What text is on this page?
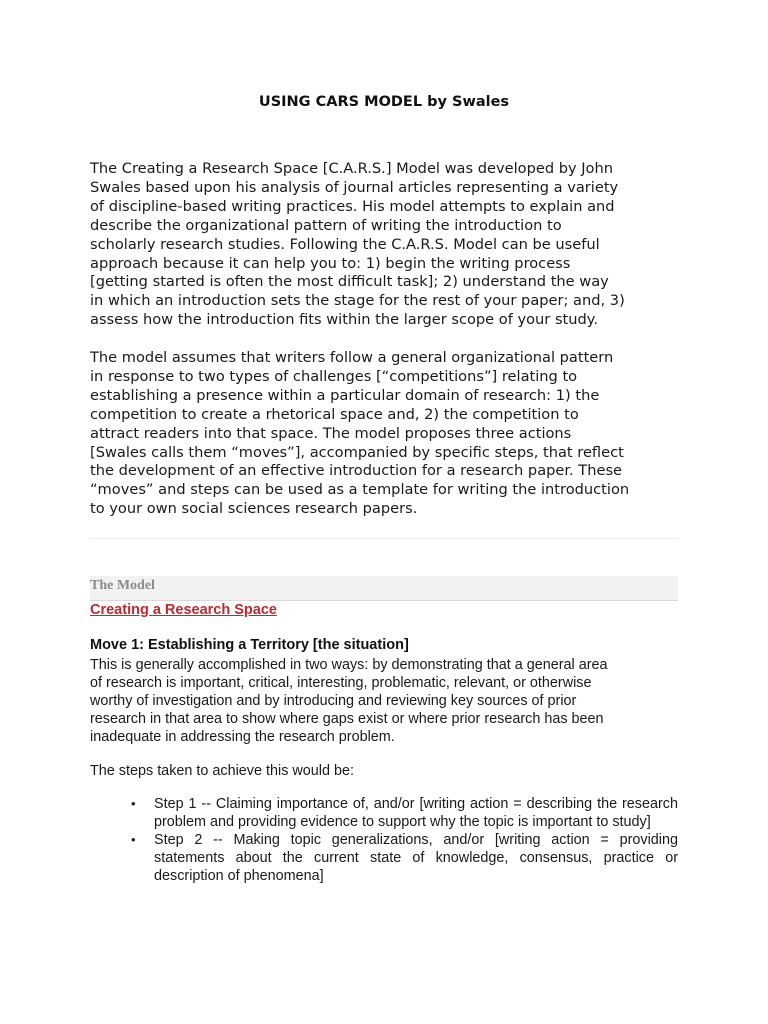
USING CARS MODEL by Swales

The Creating a Research Space [C.A.R.S.] Model was developed by John
Swales based upon his analysis of journal articles representing a variety
of discipline-based writing practices. His model attempts to explain and
describe the organizational pattern of writing the introduction to
scholarly research studies. Following the C.A.R.S. Model can be useful
approach because it can help you to: 1) begin the writing process
[getting started is often the most difficult task]; 2) understand the way
in which an introduction sets the stage for the rest of your paper; and, 3)
assess how the introduction fits within the larger scope of your study.

The model assumes that writers follow a general organizational pattern
in response to two types of challenges [“competitions”] relating to
establishing a presence within a particular domain of research: 1) the
competition to create a rhetorical space and, 2) the competition to
attract readers into that space. The model proposes three actions
[Swales calls them “moves”], accompanied by specific steps, that reflect
the development of an effective introduction for a research paper. These
“moves” and steps can be used as a template for writing the introduction
to your own social sciences research papers.

The Model
Creating a Research Space
Move 1: Establishing a Territory [the situation]
This is generally accomplished in two ways: by demonstrating that a general area
of research is important, critical, interesting, problematic, relevant, or otherwise
worthy of investigation and by introducing and reviewing key sources of prior
research in that area to show where gaps exist or where prior research has been
inadequate in addressing the research problem.
The steps taken to achieve this would be:
• Step 1 -- Claiming importance of, and/or [writing action = describing the research problem and providing evidence to support why the topic is important to study]
• Step 2 -- Making topic generalizations, and/or [writing action = providing statements about the current state of knowledge, consensus, practice or description of phenomena]
